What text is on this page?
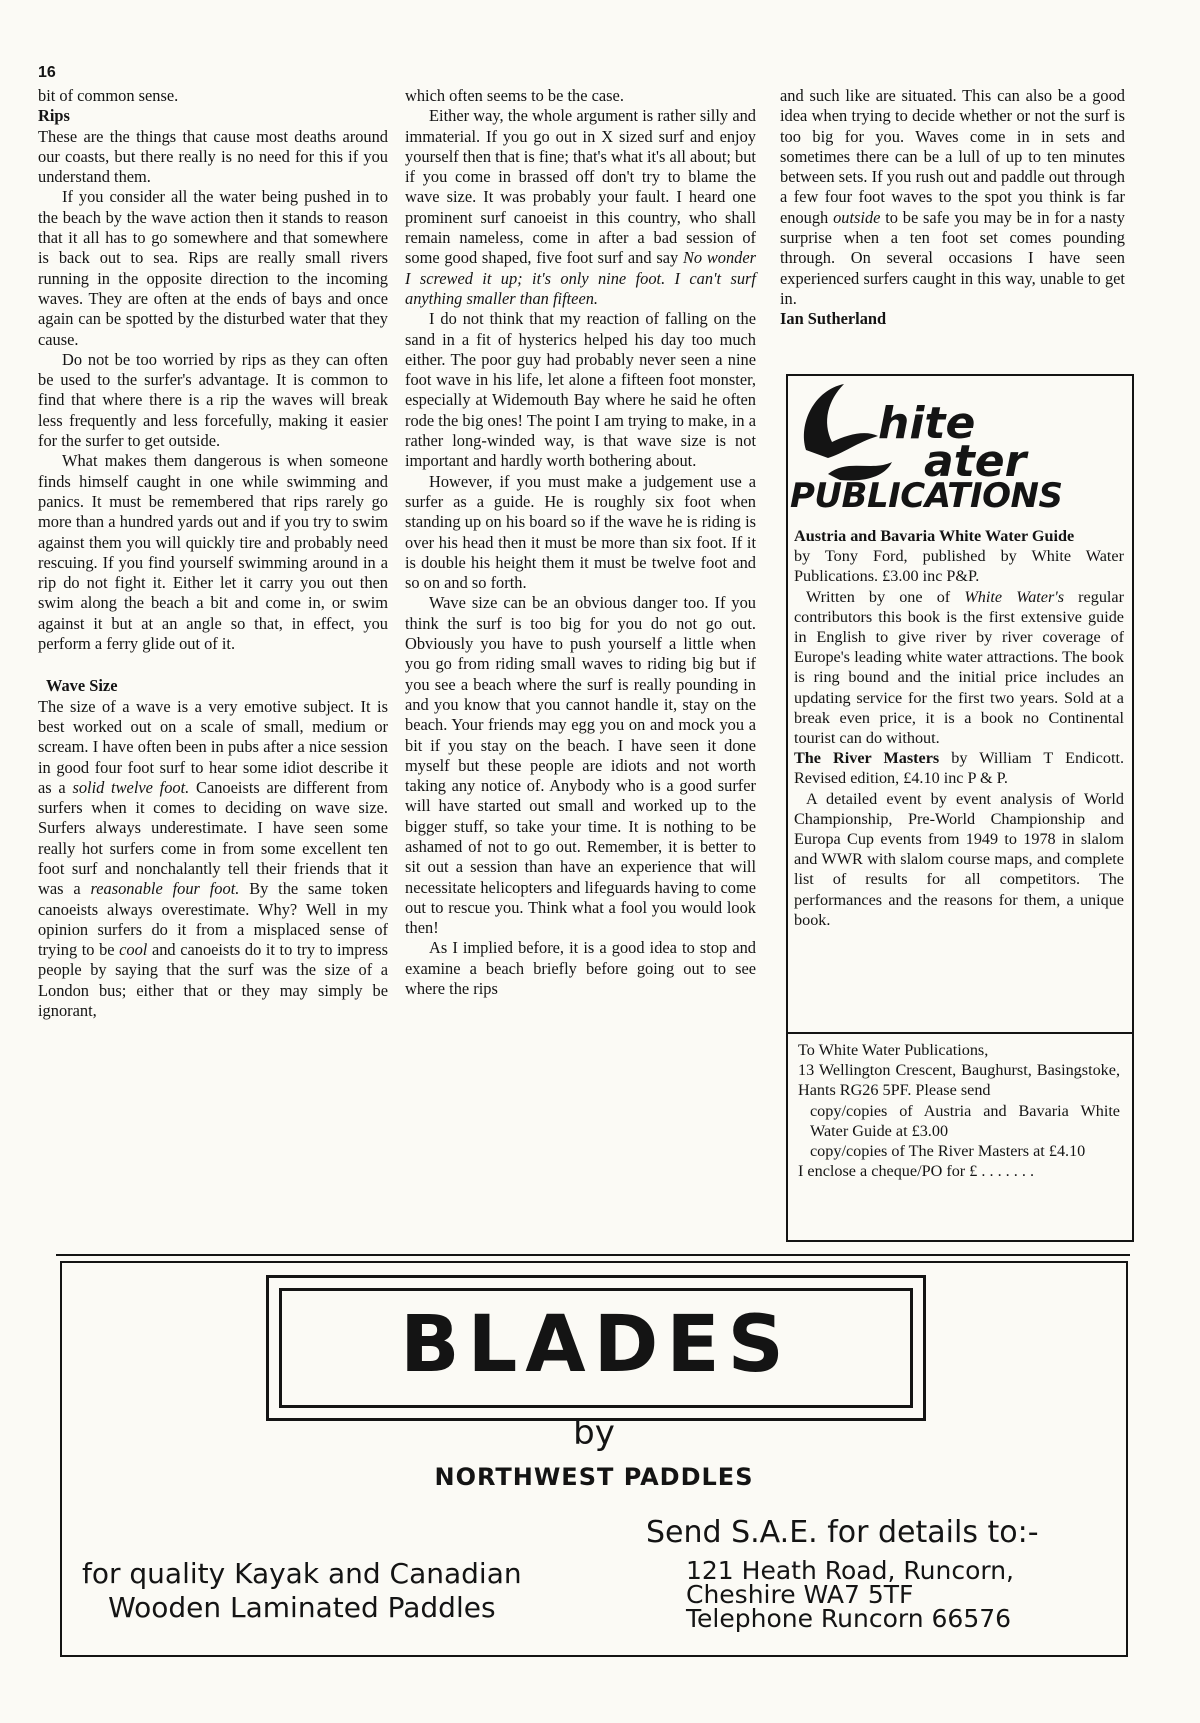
16

bit of common sense.

Rips

These are the things that cause most deaths around our coasts, but there really is no need for this if you understand them.

If you consider all the water being pushed in to the beach by the wave action then it stands to reason that it all has to go somewhere and that somewhere is back out to sea. Rips are really small rivers running in the opposite direction to the incoming waves. They are often at the ends of bays and once again can be spotted by the disturbed water that they cause.

Do not be too worried by rips as they can often be used to the surfer's advantage. It is common to find that where there is a rip the waves will break less frequently and less forcefully, making it easier for the surfer to get outside.

What makes them dangerous is when someone finds himself caught in one while swimming and panics. It must be remembered that rips rarely go more than a hundred yards out and if you try to swim against them you will quickly tire and probably need rescuing. If you find yourself swimming around in a rip do not fight it. Either let it carry you out then swim along the beach a bit and come in, or swim against it but at an angle so that, in effect, you perform a ferry glide out of it.

Wave Size

The size of a wave is a very emotive subject. It is best worked out on a scale of small, medium or scream. I have often been in pubs after a nice session in good four foot surf to hear some idiot describe it as a solid twelve foot. Canoeists are different from surfers when it comes to deciding on wave size. Surfers always underestimate. I have seen some really hot surfers come in from some excellent ten foot surf and nonchalantly tell their friends that it was a reasonable four foot. By the same token canoeists always overestimate. Why? Well in my opinion surfers do it from a misplaced sense of trying to be cool and canoeists do it to try to impress people by saying that the surf was the size of a London bus; either that or they may simply be ignorant,

which often seems to be the case.

Either way, the whole argument is rather silly and immaterial. If you go out in X sized surf and enjoy yourself then that is fine; that's what it's all about; but if you come in brassed off don't try to blame the wave size. It was probably your fault. I heard one prominent surf canoeist in this country, who shall remain nameless, come in after a bad session of some good shaped, five foot surf and say No wonder I screwed it up; it's only nine foot. I can't surf anything smaller than fifteen.

I do not think that my reaction of falling on the sand in a fit of hysterics helped his day too much either. The poor guy had probably never seen a nine foot wave in his life, let alone a fifteen foot monster, especially at Widemouth Bay where he said he often rode the big ones! The point I am trying to make, in a rather long-winded way, is that wave size is not important and hardly worth bothering about.

However, if you must make a judgement use a surfer as a guide. He is roughly six foot when standing up on his board so if the wave he is riding is over his head then it must be more than six foot. If it is double his height them it must be twelve foot and so on and so forth.

Wave size can be an obvious danger too. If you think the surf is too big for you do not go out. Obviously you have to push yourself a little when you go from riding small waves to riding big but if you see a beach where the surf is really pounding in and you know that you cannot handle it, stay on the beach. Your friends may egg you on and mock you a bit if you stay on the beach. I have seen it done myself but these people are idiots and not worth taking any notice of. Anybody who is a good surfer will have started out small and worked up to the bigger stuff, so take your time. It is nothing to be ashamed of not to go out. Remember, it is better to sit out a session than have an experience that will necessitate helicopters and lifeguards having to come out to rescue you. Think what a fool you would look then!

As I implied before, it is a good idea to stop and examine a beach briefly before going out to see where the rips

and such like are situated. This can also be a good idea when trying to decide whether or not the surf is too big for you. Waves come in in sets and sometimes there can be a lull of up to ten minutes between sets. If you rush out and paddle out through a few four foot waves to the spot you think is far enough outside to be safe you may be in for a nasty surprise when a ten foot set comes pounding through. On several occasions I have seen experienced surfers caught in this way, unable to get in.

Ian Sutherland
hite
ater
PUBLICATIONS

Austria and Bavaria White Water Guide

by Tony Ford, published by White Water Publications. £3.00 inc P&P.

Written by one of White Water's regular contributors this book is the first extensive guide in English to give river by river coverage of Europe's leading white water attractions. The book is ring bound and the initial price includes an updating service for the first two years. Sold at a break even price, it is a book no Continental tourist can do without.

The River Masters by William T Endicott. Revised edition, £4.10 inc P & P.

A detailed event by event analysis of World Championship, Pre-World Championship and Europa Cup events from 1949 to 1978 in slalom and WWR with slalom course maps, and complete list of results for all competitors. The performances and the reasons for them, a unique book.

To White Water Publications,

13 Wellington Crescent, Baughurst, Basingstoke, Hants RG26 5PF. Please send

copy/copies of Austria and Bavaria White Water Guide at £3.00

copy/copies of The River Masters at £4.10

I enclose a cheque/PO for £ . . . . . . .

BLADES
by
NORTHWEST PADDLES
Send S.A.E. for details to:-
for quality Kayak and Canadian
Wooden Laminated Paddles
121 Heath Road, Runcorn,
Cheshire WA7 5TF
Telephone Runcorn 66576
